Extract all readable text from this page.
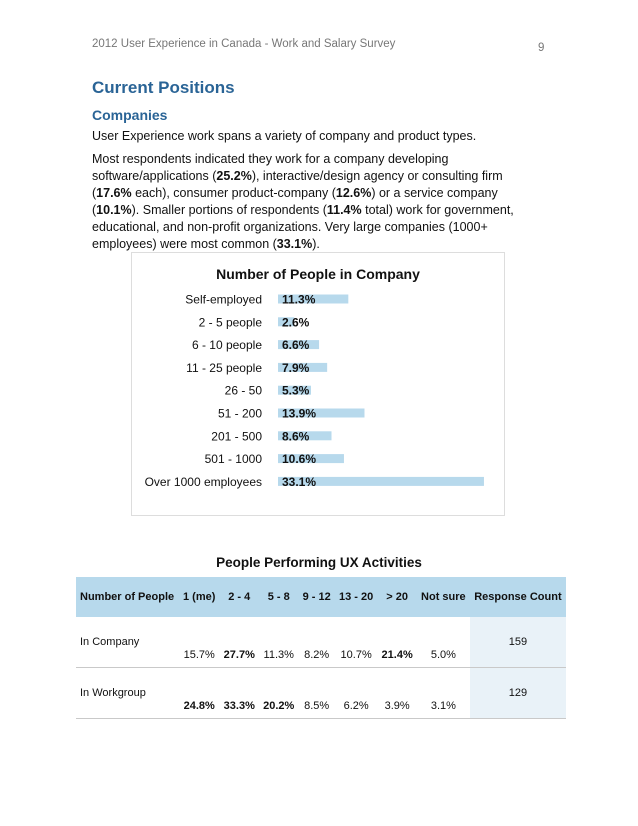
2012 User Experience in Canada - Work and Salary Survey	9
Current Positions
Companies
User Experience work spans a variety of company and product types.
Most respondents indicated they work for a company developing software/applications (25.2%), interactive/design agency or consulting firm (17.6% each), consumer product-company (12.6%) or a service company (10.1%). Smaller portions of respondents (11.4% total) work for government, educational, and non-profit organizations. Very large companies (1000+ employees) were most common (33.1%).
Number of People in Company
Self-employed 11.3%
2 - 5 people 2.6%
6 - 10 people 6.6%
11 - 25 people 7.9%
26 - 50 5.3%
51 - 200 13.9%
201 - 500 8.6%
501 - 1000 10.6%
Over 1000 employees 33.1%
People Performing UX Activities
Number of People	1 (me)	2 - 4	5 - 8	9 - 12	13 - 20	> 20	Not sure	Response Count
In Company	15.7%	27.7%	11.3%	8.2%	10.7%	21.4%	5.0%	159
In Workgroup	24.8%	33.3%	20.2%	8.5%	6.2%	3.9%	3.1%	129
